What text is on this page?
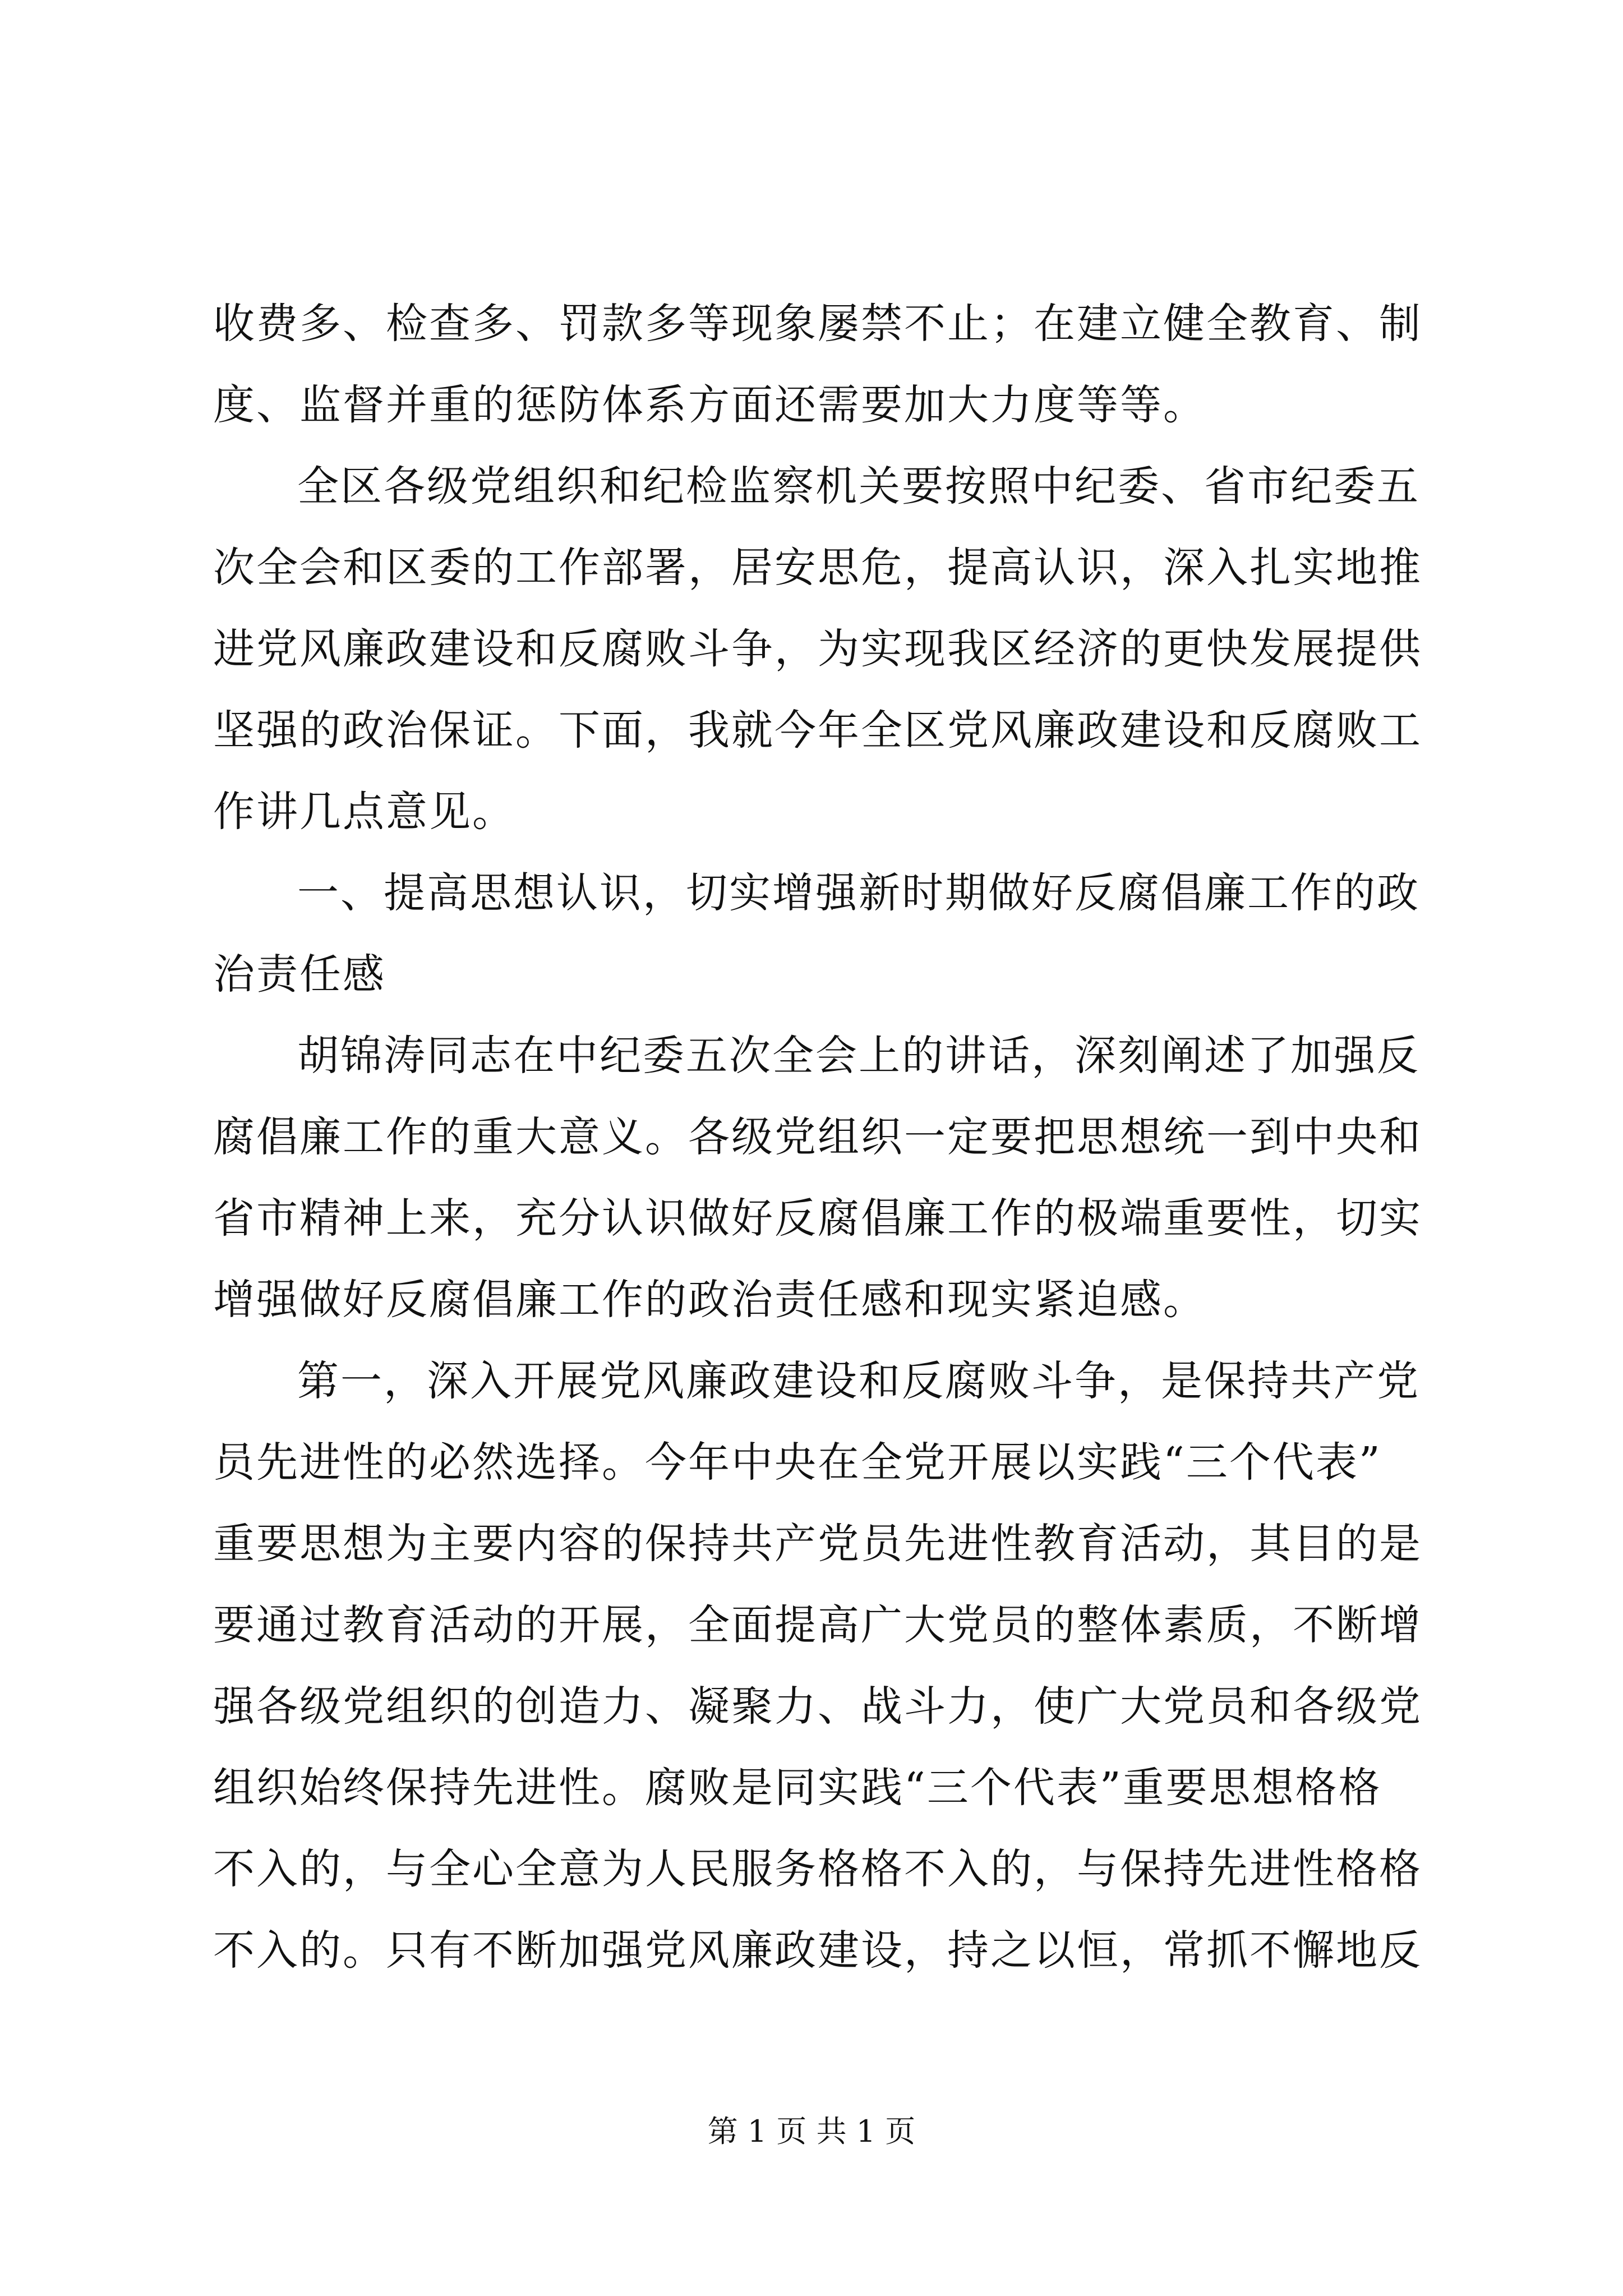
收费多、检查多、罚款多等现象屡禁不止；在建立健全教育、制
度、监督并重的惩防体系方面还需要加大力度等等。
全区各级党组织和纪检监察机关要按照中纪委、省市纪委五
次全会和区委的工作部署，居安思危，提高认识，深入扎实地推
进党风廉政建设和反腐败斗争，为实现我区经济的更快发展提供
坚强的政治保证。下面，我就今年全区党风廉政建设和反腐败工
作讲几点意见。
一、提高思想认识，切实增强新时期做好反腐倡廉工作的政
治责任感
胡锦涛同志在中纪委五次全会上的讲话，深刻阐述了加强反
腐倡廉工作的重大意义。各级党组织一定要把思想统一到中央和
省市精神上来，充分认识做好反腐倡廉工作的极端重要性，切实
增强做好反腐倡廉工作的政治责任感和现实紧迫感。
第一，深入开展党风廉政建设和反腐败斗争，是保持共产党
员先进性的必然选择。今年中央在全党开展以实践“三个代表”
重要思想为主要内容的保持共产党员先进性教育活动，其目的是
要通过教育活动的开展，全面提高广大党员的整体素质，不断增
强各级党组织的创造力、凝聚力、战斗力，使广大党员和各级党
组织始终保持先进性。腐败是同实践“三个代表”重要思想格格
不入的，与全心全意为人民服务格格不入的，与保持先进性格格
不入的。只有不断加强党风廉政建设，持之以恒，常抓不懈地反
第 1 页 共 1 页
